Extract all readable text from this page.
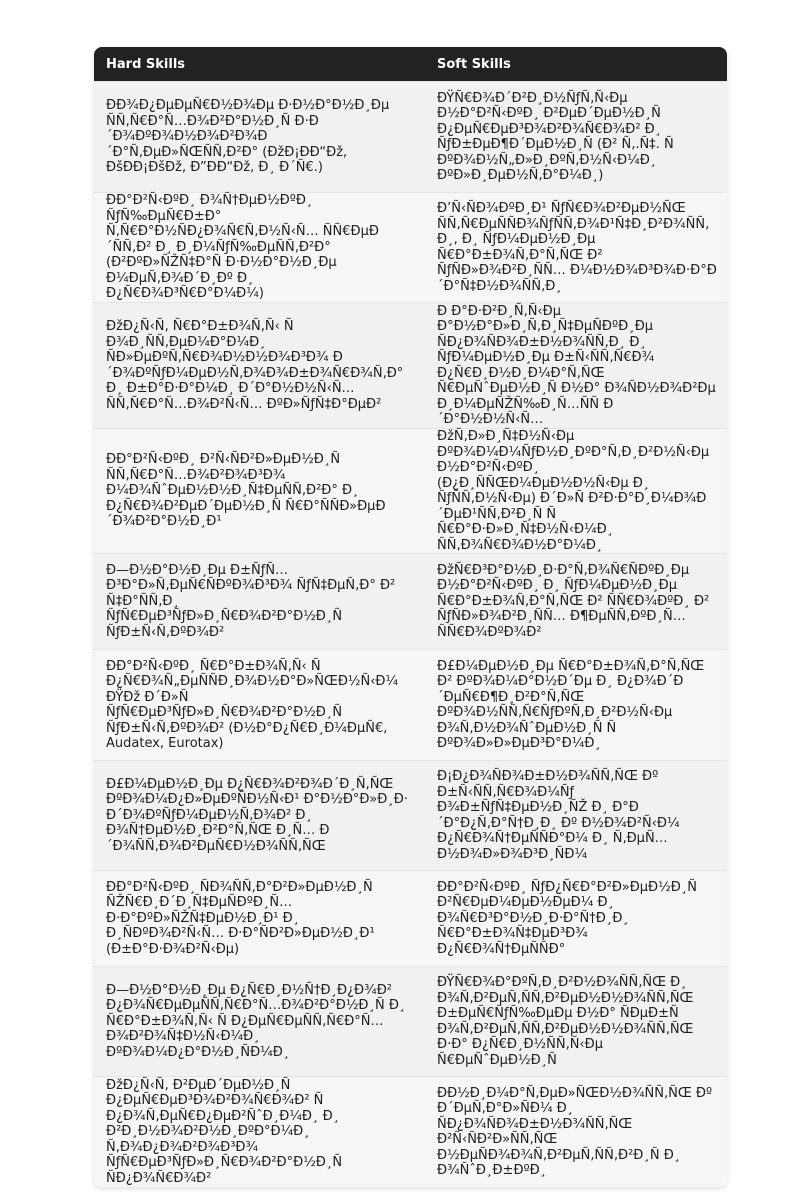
Hard Skills	Soft Skills
ÐÐ¾Ð¿ÐµÐµÑ€Ð½Ð¾Ðµ Ð·Ð½Ð°Ð½Ð¸Ðµ ÑÑ‚Ñ€Ð°Ñ…Ð¾Ð²Ð°Ð½Ð¸Ñ Ð·Ð´Ð¾ÐºÐ¾Ð½Ð¾Ð²Ð¾Ð´Ð°Ñ‚ÐµÐ»ÑŒÑÑ‚Ð²Ð° (ÐžÐ¡ÐÐ“Ðž, ÐšÐÐ¡ÐšÐž, Ð”ÐÐ“Ðž, Ð¸ Ð´Ñ€.)	ÐŸÑ€Ð¾Ð´Ð²Ð¸Ð½ÑƒÑ‚Ñ‹Ðµ Ð½Ð°Ð²Ñ‹ÐºÐ¸ Ð²ÐµÐ´ÐµÐ½Ð¸Ñ Ð¿ÐµÑ€ÐµÐ³Ð¾Ð²Ð¾Ñ€Ð¾Ð² Ð¸ ÑƒÐ±ÐµÐ¶Ð´ÐµÐ½Ð¸Ñ (Ð² Ñ‚.Ñ‡. Ñ ÐºÐ¾Ð½Ñ„Ð»Ð¸ÐºÑ‚Ð½Ñ‹Ð¼Ð¸ ÐºÐ»Ð¸ÐµÐ½Ñ‚Ð°Ð¼Ð¸)
ÐÐ°Ð²Ñ‹ÐºÐ¸ Ð¾Ñ†ÐµÐ½ÐºÐ¸ ÑƒÑ‰ÐµÑ€Ð±Ð° Ñ‚Ñ€Ð°Ð½ÑÐ¿Ð¾Ñ€Ñ‚Ð½Ñ‹Ñ… ÑÑ€ÐµÐ´ÑÑ‚Ð² Ð¸ Ð¸Ð¼ÑƒÑ‰ÐµÑÑ‚Ð²Ð° (Ð²ÐºÐ»ÑŽÑ‡Ð°Ñ Ð·Ð½Ð°Ð½Ð¸Ðµ Ð¼ÐµÑ‚Ð¾Ð´Ð¸Ðº Ð¸ Ð¿Ñ€Ð¾Ð³Ñ€Ð°Ð¼Ð¼)	Ð’Ñ‹ÑÐ¾ÐºÐ¸Ð¹ ÑƒÑ€Ð¾Ð²ÐµÐ½ÑŒ ÑÑ‚Ñ€ÐµÑÑÐ¾ÑƒÑÑ‚Ð¾Ð¹Ñ‡Ð¸Ð²Ð¾ÑÑ‚Ð¸, Ð¸ ÑƒÐ¼ÐµÐ½Ð¸Ðµ Ñ€Ð°Ð±Ð¾Ñ‚Ð°Ñ‚ÑŒ Ð² ÑƒÑÐ»Ð¾Ð²Ð¸ÑÑ… Ð¼Ð½Ð¾Ð³Ð¾Ð·Ð°Ð´Ð°Ñ‡Ð½Ð¾ÑÑ‚Ð¸
ÐžÐ¿Ñ‹Ñ‚ Ñ€Ð°Ð±Ð¾Ñ‚Ñ‹ Ñ Ð¾Ð¸ÑÑ‚ÐµÐ¼Ð°Ð¼Ð¸ ÑÐ»ÐµÐºÑ‚Ñ€Ð¾Ð½Ð½Ð¾Ð³Ð¾ Ð´Ð¾ÐºÑƒÐ¼ÐµÐ½Ñ‚Ð¾Ð¾Ð±Ð¾Ñ€Ð¾Ñ‚Ð° Ð¸ Ð±Ð°Ð·Ð°Ð¼Ð¸ Ð´Ð°Ð½Ð½Ñ‹Ñ… ÑÑ‚Ñ€Ð°Ñ…Ð¾Ð²Ñ‹Ñ… ÐºÐ»ÑƒÑ‡Ð°ÐµÐ²	Ð Ð°Ð·Ð²Ð¸Ñ‚Ñ‹Ðµ Ð°Ð½Ð°Ð»Ð¸Ñ‚Ð¸Ñ‡ÐµÑÐºÐ¸Ðµ ÑÐ¿Ð¾ÑÐ¾Ð±Ð½Ð¾ÑÑ‚Ð¸ Ð¸ ÑƒÐ¼ÐµÐ½Ð¸Ðµ Ð±Ñ‹ÑÑ‚Ñ€Ð¾ Ð¿Ñ€Ð¸Ð½Ð¸Ð¼Ð°Ñ‚ÑŒ Ñ€ÐµÑˆÐµÐ½Ð¸Ñ Ð½Ð° Ð¾ÑÐ½Ð¾Ð²Ðµ Ð¸Ð¼ÐµÑŽÑ‰Ð¸Ñ…ÑÑ Ð´Ð°Ð½Ð½Ñ‹Ñ…
ÐÐ°Ð²Ñ‹ÐºÐ¸ Ð²Ñ‹ÑÐ²Ð»ÐµÐ½Ð¸Ñ ÑÑ‚Ñ€Ð°Ñ…Ð¾Ð²Ð¾Ð³Ð¾ Ð¼Ð¾ÑˆÐµÐ½Ð½Ð¸Ñ‡ÐµÑÑ‚Ð²Ð° Ð¸ Ð¿Ñ€Ð¾Ð²ÐµÐ´ÐµÐ½Ð¸Ñ Ñ€Ð°ÑÑÐ»ÐµÐ´Ð¾Ð²Ð°Ð½Ð¸Ð¹	ÐžÑ‚Ð»Ð¸Ñ‡Ð½Ñ‹Ðµ ÐºÐ¾Ð¼Ð¼ÑƒÐ½Ð¸ÐºÐ°Ñ‚Ð¸Ð²Ð½Ñ‹Ðµ Ð½Ð°Ð²Ñ‹ÐºÐ¸ (Ð¿Ð¸ÑÑŒÐ¼ÐµÐ½Ð½Ñ‹Ðµ Ð¸ ÑƒÑÑ‚Ð½Ñ‹Ðµ) Ð´Ð»Ñ Ð²Ð·Ð°Ð¸Ð¼Ð¾Ð´ÐµÐ¹ÑÑ‚Ð²Ð¸Ñ Ñ Ñ€Ð°Ð·Ð»Ð¸Ñ‡Ð½Ñ‹Ð¼Ð¸ ÑÑ‚Ð¾Ñ€Ð¾Ð½Ð°Ð¼Ð¸
Ð—Ð½Ð°Ð½Ð¸Ðµ Ð±ÑƒÑ…Ð³Ð°Ð»Ñ‚ÐµÑ€ÑÐºÐ¾Ð³Ð¾ ÑƒÑ‡ÐµÑ‚Ð° Ð² Ñ‡Ð°ÑÑ‚Ð¸ ÑƒÑ€ÐµÐ³ÑƒÐ»Ð¸Ñ€Ð¾Ð²Ð°Ð½Ð¸Ñ ÑƒÐ±Ñ‹Ñ‚ÐºÐ¾Ð²	ÐžÑ€Ð³Ð°Ð½Ð¸Ð·Ð°Ñ‚Ð¾Ñ€ÑÐºÐ¸Ðµ Ð½Ð°Ð²Ñ‹ÐºÐ¸ Ð¸ ÑƒÐ¼ÐµÐ½Ð¸Ðµ Ñ€Ð°Ð±Ð¾Ñ‚Ð°Ñ‚ÑŒ Ð² ÑÑ€Ð¾ÐºÐ¸ Ð² ÑƒÑÐ»Ð¾Ð²Ð¸ÑÑ… Ð¶ÐµÑÑ‚ÐºÐ¸Ñ… ÑÑ€Ð¾ÐºÐ¾Ð²
ÐÐ°Ð²Ñ‹ÐºÐ¸ Ñ€Ð°Ð±Ð¾Ñ‚Ñ‹ Ñ Ð¿Ñ€Ð¾Ñ„ÐµÑÑÐ¸Ð¾Ð½Ð°Ð»ÑŒÐ½Ñ‹Ð¼ ÐŸÐž Ð´Ð»Ñ ÑƒÑ€ÐµÐ³ÑƒÐ»Ð¸Ñ€Ð¾Ð²Ð°Ð½Ð¸Ñ ÑƒÐ±Ñ‹Ñ‚ÐºÐ¾Ð² (Ð½Ð°Ð¿Ñ€Ð¸Ð¼ÐµÑ€, Audatex, Eurotax)	Ð£Ð¼ÐµÐ½Ð¸Ðµ Ñ€Ð°Ð±Ð¾Ñ‚Ð°Ñ‚ÑŒ Ð² ÐºÐ¾Ð¼Ð°Ð½Ð´Ðµ Ð¸ Ð¿Ð¾Ð´Ð´ÐµÑ€Ð¶Ð¸Ð²Ð°Ñ‚ÑŒ ÐºÐ¾Ð½ÑÑ‚Ñ€ÑƒÐºÑ‚Ð¸Ð²Ð½Ñ‹Ðµ Ð¾Ñ‚Ð½Ð¾ÑˆÐµÐ½Ð¸Ñ Ñ ÐºÐ¾Ð»Ð»ÐµÐ³Ð°Ð¼Ð¸
Ð£Ð¼ÐµÐ½Ð¸Ðµ Ð¿Ñ€Ð¾Ð²Ð¾Ð´Ð¸Ñ‚ÑŒ ÐºÐ¾Ð¼Ð¿Ð»ÐµÐºÑÐ½Ñ‹Ð¹ Ð°Ð½Ð°Ð»Ð¸Ð· Ð´Ð¾ÐºÑƒÐ¼ÐµÐ½Ñ‚Ð¾Ð² Ð¸ Ð¾Ñ†ÐµÐ½Ð¸Ð²Ð°Ñ‚ÑŒ Ð¸Ñ… Ð´Ð¾ÑÑ‚Ð¾Ð²ÐµÑ€Ð½Ð¾ÑÑ‚ÑŒ	Ð¡Ð¿Ð¾ÑÐ¾Ð±Ð½Ð¾ÑÑ‚ÑŒ Ðº Ð±Ñ‹ÑÑ‚Ñ€Ð¾Ð¼Ñƒ Ð¾Ð±ÑƒÑ‡ÐµÐ½Ð¸ÑŽ Ð¸ Ð°Ð´Ð°Ð¿Ñ‚Ð°Ñ†Ð¸Ð¸ Ðº Ð½Ð¾Ð²Ñ‹Ð¼ Ð¿Ñ€Ð¾Ñ†ÐµÑÑÐ°Ð¼ Ð¸ Ñ‚ÐµÑ…Ð½Ð¾Ð»Ð¾Ð³Ð¸ÑÐ¼
ÐÐ°Ð²Ñ‹ÐºÐ¸ ÑÐ¾ÑÑ‚Ð°Ð²Ð»ÐµÐ½Ð¸Ñ ÑŽÑ€Ð¸Ð´Ð¸Ñ‡ÐµÑÐºÐ¸Ñ… Ð·Ð°ÐºÐ»ÑŽÑ‡ÐµÐ½Ð¸Ð¹ Ð¸ Ð¸ÑÐºÐ¾Ð²Ñ‹Ñ… Ð·Ð°ÑÐ²Ð»ÐµÐ½Ð¸Ð¹ (Ð±Ð°Ð·Ð¾Ð²Ñ‹Ðµ)	ÐÐ°Ð²Ñ‹ÐºÐ¸ ÑƒÐ¿Ñ€Ð°Ð²Ð»ÐµÐ½Ð¸Ñ Ð²Ñ€ÐµÐ¼ÐµÐ½ÐµÐ¼ Ð¸ Ð¾Ñ€Ð³Ð°Ð½Ð¸Ð·Ð°Ñ†Ð¸Ð¸ Ñ€Ð°Ð±Ð¾Ñ‡ÐµÐ³Ð¾ Ð¿Ñ€Ð¾Ñ†ÐµÑÑÐ°
Ð—Ð½Ð°Ð½Ð¸Ðµ Ð¿Ñ€Ð¸Ð½Ñ†Ð¸Ð¿Ð¾Ð² Ð¿Ð¾Ñ€ÐµÐµÑÑ‚Ñ€Ð°Ñ…Ð¾Ð²Ð°Ð½Ð¸Ñ Ð¸ Ñ€Ð°Ð±Ð¾Ñ‚Ñ‹ Ñ Ð¿ÐµÑ€ÐµÑÑ‚Ñ€Ð°Ñ…Ð¾Ð²Ð¾Ñ‡Ð½Ñ‹Ð¼Ð¸ ÐºÐ¾Ð¼Ð¿Ð°Ð½Ð¸ÑÐ¼Ð¸	ÐŸÑ€Ð¾Ð°ÐºÑ‚Ð¸Ð²Ð½Ð¾ÑÑ‚ÑŒ Ð¸ Ð¾Ñ‚Ð²ÐµÑ‚ÑÑ‚Ð²ÐµÐ½Ð½Ð¾ÑÑ‚ÑŒ Ð±ÐµÑ€ÑƒÑ‰ÐµÐµ Ð½Ð° ÑÐµÐ±Ñ Ð¾Ñ‚Ð²ÐµÑ‚ÑÑ‚Ð²ÐµÐ½Ð½Ð¾ÑÑ‚ÑŒ Ð·Ð° Ð¿Ñ€Ð¸Ð½ÑÑ‚Ñ‹Ðµ Ñ€ÐµÑˆÐµÐ½Ð¸Ñ
ÐžÐ¿Ñ‹Ñ‚ Ð²ÐµÐ´ÐµÐ½Ð¸Ñ Ð¿ÐµÑ€ÐµÐ³Ð¾Ð²Ð¾Ñ€Ð¾Ð² Ñ Ð¿Ð¾Ñ‚ÐµÑ€Ð¿ÐµÐ²ÑˆÐ¸Ð¼Ð¸ Ð¸ Ð²Ð¸Ð½Ð¾Ð²Ð½Ð¸ÐºÐ°Ð¼Ð¸ Ñ‚Ð¾Ð¿Ð¾Ð²Ð¾Ð³Ð¾ ÑƒÑ€ÐµÐ³ÑƒÐ»Ð¸Ñ€Ð¾Ð²Ð°Ð½Ð¸Ñ ÑÐ¿Ð¾Ñ€Ð¾Ð²	ÐÐ½Ð¸Ð¼Ð°Ñ‚ÐµÐ»ÑŒÐ½Ð¾ÑÑ‚ÑŒ Ðº Ð´ÐµÑ‚Ð°Ð»ÑÐ¼ Ð¸ ÑÐ¿Ð¾ÑÐ¾Ð±Ð½Ð¾ÑÑ‚ÑŒ Ð²Ñ‹ÑÐ²Ð»ÑÑ‚ÑŒ Ð½ÐµÑÐ¾Ð¾Ñ‚Ð²ÐµÑ‚ÑÑ‚Ð²Ð¸Ñ Ð¸ Ð¾ÑˆÐ¸Ð±ÐºÐ¸
